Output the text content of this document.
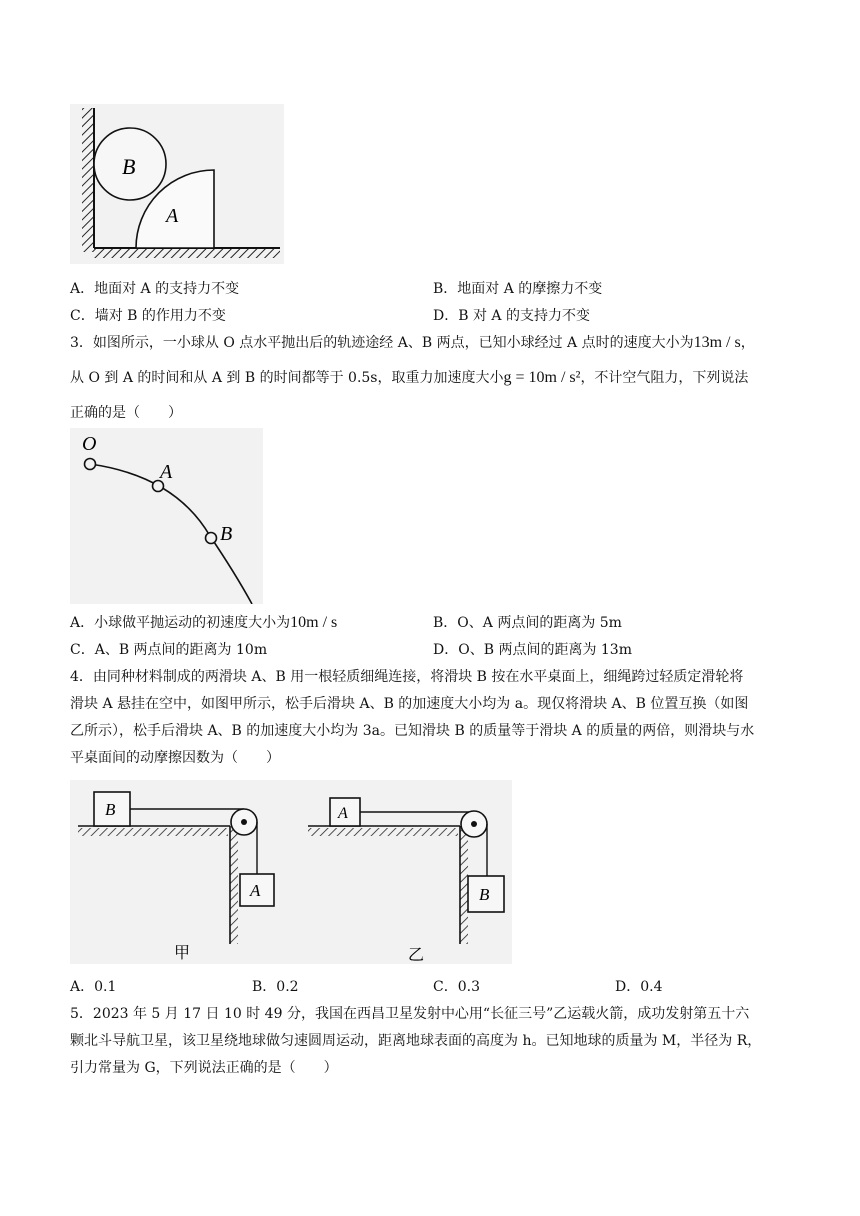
B
A
A．地面对 A 的支持力不变	B．地面对 A 的摩擦力不变
C．墙对 B 的作用力不变	D．B 对 A 的支持力不变
3．如图所示，一小球从 O 点水平抛出后的轨迹途经 A、B 两点，已知小球经过 A 点时的速度大小为13m / s，
从 O 到 A 的时间和从 A 到 B 的时间都等于 0.5s，取重力加速度大小g = 10m / s²，不计空气阻力，下列说法
正确的是（　　）
O
A
B
A．小球做平抛运动的初速度大小为10m / s	B．O、A 两点间的距离为 5m
C．A、B 两点间的距离为 10m	D．O、B 两点间的距离为 13m
4．由同种材料制成的两滑块 A、B 用一根轻质细绳连接，将滑块 B 按在水平桌面上，细绳跨过轻质定滑轮将
滑块 A 悬挂在空中，如图甲所示，松手后滑块 A、B 的加速度大小均为 a。现仅将滑块 A、B 位置互换（如图
乙所示），松手后滑块 A、B 的加速度大小均为 3a。已知滑块 B 的质量等于滑块 A 的质量的两倍，则滑块与水
平桌面间的动摩擦因数为（　　）
B
A
甲
A
B
乙
A．0.1	B．0.2	C．0.3	D．0.4
5．2023 年 5 月 17 日 10 时 49 分，我国在西昌卫星发射中心用“长征三号”乙运载火箭，成功发射第五十六
颗北斗导航卫星，该卫星绕地球做匀速圆周运动，距离地球表面的高度为 h。已知地球的质量为 M，半径为 R，
引力常量为 G，下列说法正确的是（　　）
